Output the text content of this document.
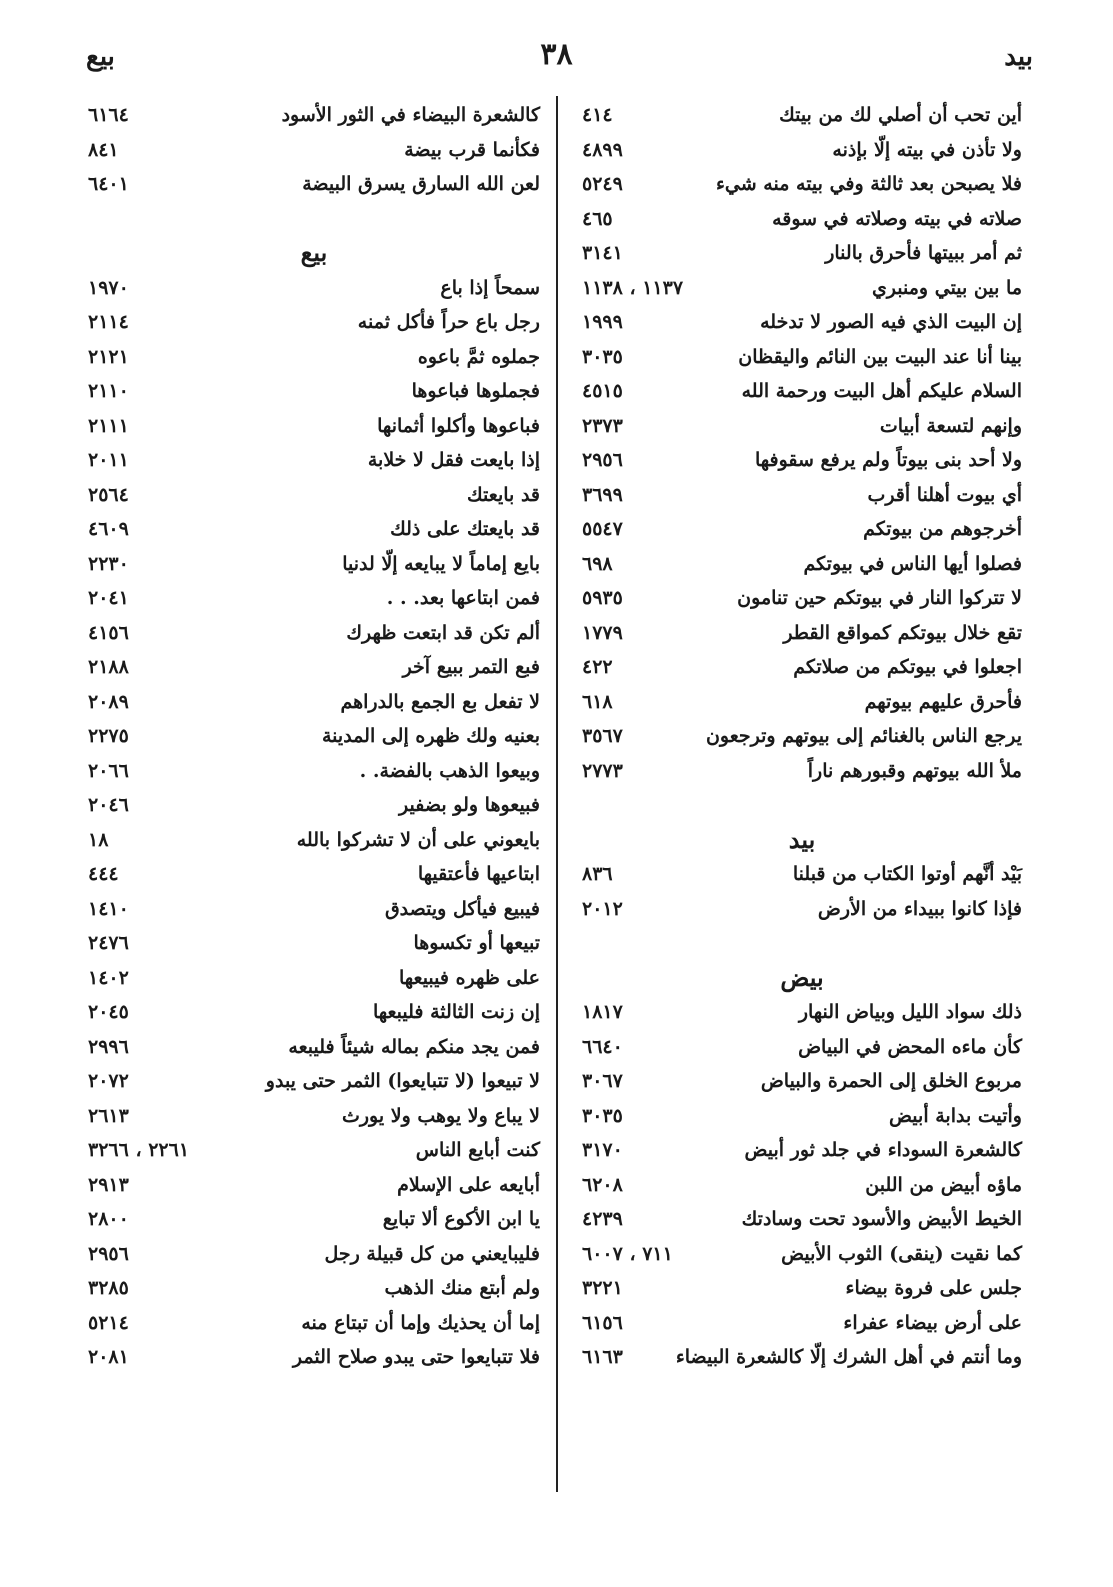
بيد
٣٨
بيع
أين تحب أن أصلي لك من بيتك
٤١٤
ولا تأذن في بيته إلّا بإذنه
٤٨٩٩
فلا يصبحن بعد ثالثة وفي بيته منه شيء
٥٢٤٩
صلاته في بيته وصلاته في سوقه
٤٦٥
ثم أمر ببيتها فأحرق بالنار
٣١٤١
ما بين بيتي ومنبري
١١٣٧ ، ١١٣٨
إن البيت الذي فيه الصور لا تدخله
١٩٩٩
بينا أنا عند البيت بين النائم واليقظان
٣٠٣٥
السلام عليكم أهل البيت ورحمة الله
٤٥١٥
وإنهم لتسعة أبيات
٢٣٧٣
ولا أحد بنى بيوتاً ولم يرفع سقوفها
٢٩٥٦
أي بيوت أهلنا أقرب
٣٦٩٩
أخرجوهم من بيوتكم
٥٥٤٧
فصلوا أيها الناس في بيوتكم
٦٩٨
لا تتركوا النار في بيوتكم حين تنامون
٥٩٣٥
تقع خلال بيوتكم كمواقع القطر
١٧٧٩
اجعلوا في بيوتكم من صلاتكم
٤٢٢
فأحرق عليهم بيوتهم
٦١٨
يرجع الناس بالغنائم إلى بيوتهم وترجعون
٣٥٦٧
ملأ الله بيوتهم وقبورهم ناراً
٢٧٧٣
بيد
بَيْد أنَّهم أوتوا الكتاب من قبلنا
٨٣٦
فإذا كانوا ببيداء من الأرض
٢٠١٢
بيض
ذلك سواد الليل وبياض النهار
١٨١٧
كأن ماءه المحض في البياض
٦٦٤٠
مربوع الخلق إلى الحمرة والبياض
٣٠٦٧
وأتيت بدابة أبيض
٣٠٣٥
كالشعرة السوداء في جلد ثور أبيض
٣١٧٠
ماؤه أبيض من اللبن
٦٢٠٨
الخيط الأبيض والأسود تحت وسادتك
٤٢٣٩
كما نقيت (ينقى) الثوب الأبيض
٧١١ ، ٦٠٠٧
جلس على فروة بيضاء
٣٢٢١
على أرض بيضاء عفراء
٦١٥٦
وما أنتم في أهل الشرك إلّا كالشعرة البيضاء
٦١٦٣
كالشعرة البيضاء في الثور الأسود
٦١٦٤
فكأنما قرب بيضة
٨٤١
لعن الله السارق يسرق البيضة
٦٤٠١
بيع
سمحاً إذا باع
١٩٧٠
رجل باع حراً فأكل ثمنه
٢١١٤
جملوه ثمَّ باعوه
٢١٢١
فجملوها فباعوها
٢١١٠
فباعوها وأكلوا أثمانها
٢١١١
إذا بايعت فقل لا خلابة
٢٠١١
قد بايعتك
٢٥٦٤
قد بايعتك على ذلك
٤٦٠٩
بايع إماماً لا يبايعه إلّا لدنيا
٢٢٣٠
فمن ابتاعها بعد. . .
٢٠٤١
ألم تكن قد ابتعت ظهرك
٤١٥٦
فبع التمر ببيع آخر
٢١٨٨
لا تفعل بع الجمع بالدراهم
٢٠٨٩
بعنيه ولك ظهره إلى المدينة
٢٢٧٥
وبيعوا الذهب بالفضة. .
٢٠٦٦
فبيعوها ولو بضفير
٢٠٤٦
بايعوني على أن لا تشركوا بالله
١٨
ابتاعيها فأعتقيها
٤٤٤
فيبيع فيأكل ويتصدق
١٤١٠
تبيعها أو تكسوها
٢٤٧٦
على ظهره فيبيعها
١٤٠٢
إن زنت الثالثة فليبعها
٢٠٤٥
فمن يجد منكم بماله شيئاً فليبعه
٢٩٩٦
لا تبيعوا (لا تتبايعوا) الثمر حتى يبدو
٢٠٧٢
لا يباع ولا يوهب ولا يورث
٢٦١٣
كنت أبايع الناس
٢٢٦١ ، ٣٢٦٦
أبايعه على الإسلام
٢٩١٣
يا ابن الأكوع ألا تبايع
٢٨٠٠
فليبايعني من كل قبيلة رجل
٢٩٥٦
ولم أبتع منك الذهب
٣٢٨٥
إما أن يحذيك وإما أن تبتاع منه
٥٢١٤
فلا تتبايعوا حتى يبدو صلاح الثمر
٢٠٨١
